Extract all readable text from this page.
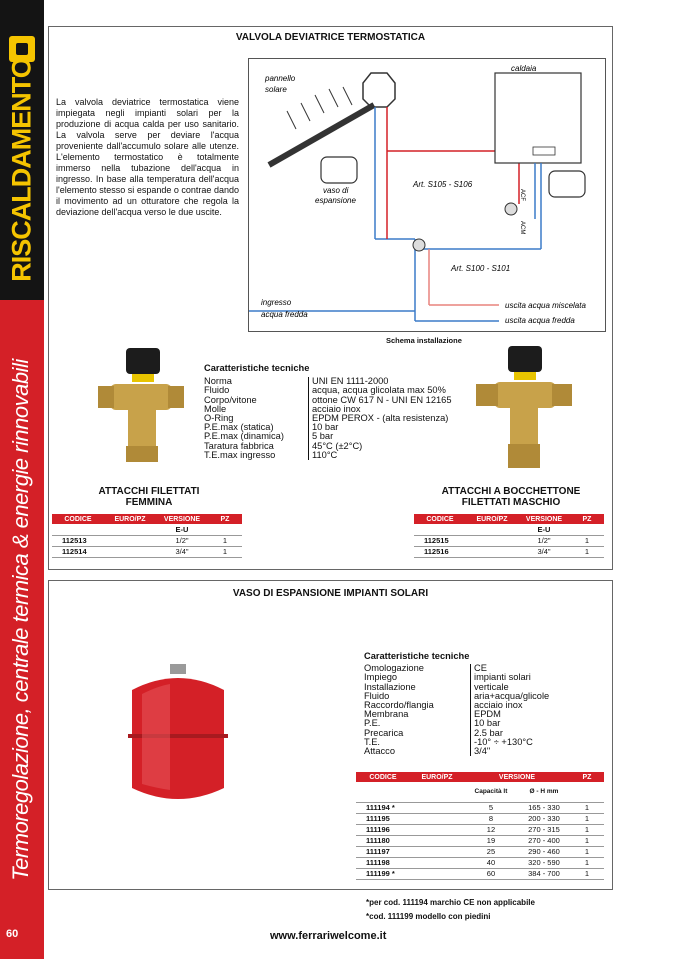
RISCALDAMENTO
Termoregolazione, centrale termica & energie rinnovabili
60
VALVOLA DEVIATRICE TERMOSTATICA
La valvola deviatrice termostatica viene impiegata negli impianti solari per la produzione di acqua calda per uso sanitario. La valvola serve per deviare l'acqua proveniente dall'accumulo solare alle utenze. L'elemento termostatico è totalmente immerso nella tubazione dell'acqua in ingresso. In base alla temperatura dell'acqua l'elemento stesso si espande o contrae dando il movimento ad un otturatore che regola la deviazione dell'acqua verso le due uscite.
pannello
solare
caldaia
vaso di
espansione
Art. S105 - S106
Art. S100 - S101
ingresso
acqua fredda
uscita acqua miscelata
uscita acqua fredda
ACF
ACM
Schema installazione
Caratteristiche tecniche
Norma	UNI EN 1111-2000
Fluido	acqua, acqua glicolata max 50%
Corpo/vitone	ottone CW 617 N - UNI EN 12165
Molle	acciaio inox
O-Ring	EPDM PEROX - (alta resistenza)
P.E.max (statica)	10 bar
P.E.max (dinamica)	5 bar
Taratura fabbrica	45°C (±2°C)
T.E.max ingresso	110°C
ATTACCHI FILETTATI
FEMMINA
ATTACCHI A BOCCHETTONE
FILETTATI MASCHIO
CODICE	EURO/PZ	VERSIONE	PZ
		E-U	
112513		1/2"	1
112514		3/4"	1
CODICE	EURO/PZ	VERSIONE	PZ
		E-U	
112515		1/2"	1
112516		3/4"	1
VASO DI ESPANSIONE IMPIANTI SOLARI
Caratteristiche tecniche
Omologazione	CE
Impiego	impianti solari
Installazione	verticale
Fluido	aria+acqua/glicole
Raccordo/flangia	acciaio inox
Membrana	EPDM
P.E.	10 bar
Precarica	2.5 bar
T.E.	-10° ÷ +130°C
Attacco	3/4"
CODICE	EURO/PZ	VERSIONE		PZ
		Capacità lt	Ø - H mm	
111194 *		5	165 - 330	1
111195		8	200 - 330	1
111196		12	270 - 315	1
111180		19	270 - 400	1
111197		25	290 - 460	1
111198		40	320 - 590	1
111199 *		60	384 - 700	1
*per cod. 111194 marchio CE non applicabile
*cod. 111199 modello con piedini
www.ferrariwelcome.it
